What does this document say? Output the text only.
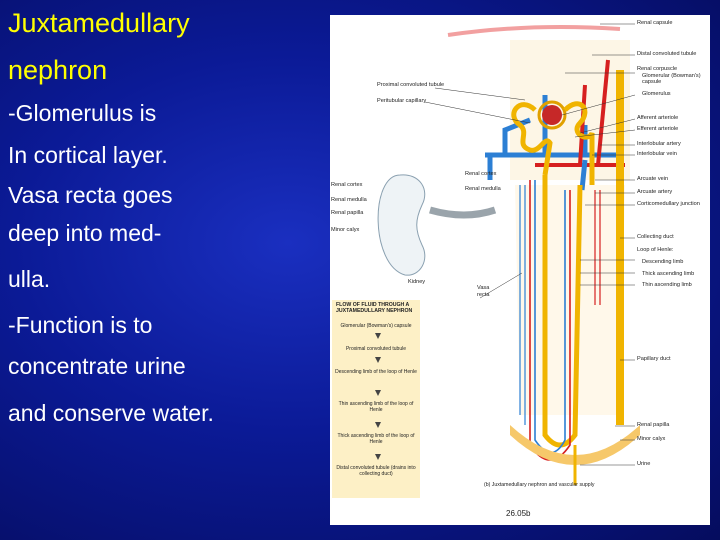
Juxtamedullary

nephron

-Glomerulus is

In cortical layer.

Vasa recta goes

deep into med-

ulla.

-Function is to

concentrate urine

and conserve water.

Renal capsule
Distal convoluted tubule
Renal corpuscle
Glomerular (Bowman's)
capsule
Glomerulus
Afferent arteriole
Efferent arteriole
Interlobular artery
Interlobular vein
Arcuate vein
Arcuate artery
Corticomedullary junction
Collecting duct
Loop of Henle:
Descending limb
Thick ascending limb
Thin ascending limb
Papillary duct
Renal papilla
Minor calyx
Urine
Proximal convoluted tubule
Peritubular capillary
Renal cortex
Renal medulla
Renal cortex
Renal medulla
Renal papilla
Minor calyx
Kidney
Vasa
recta
FLOW OF FLUID THROUGH A JUXTAMEDULLARY NEPHRON
Glomerular (Bowman's) capsule
Proximal convoluted tubule
Descending limb of the loop of Henle
Thin ascending limb of the loop of Henle
Thick ascending limb of the loop of Henle
Distal convoluted tubule (drains into collecting duct)
(b) Juxtamedullary nephron and vascular supply
26.05b
